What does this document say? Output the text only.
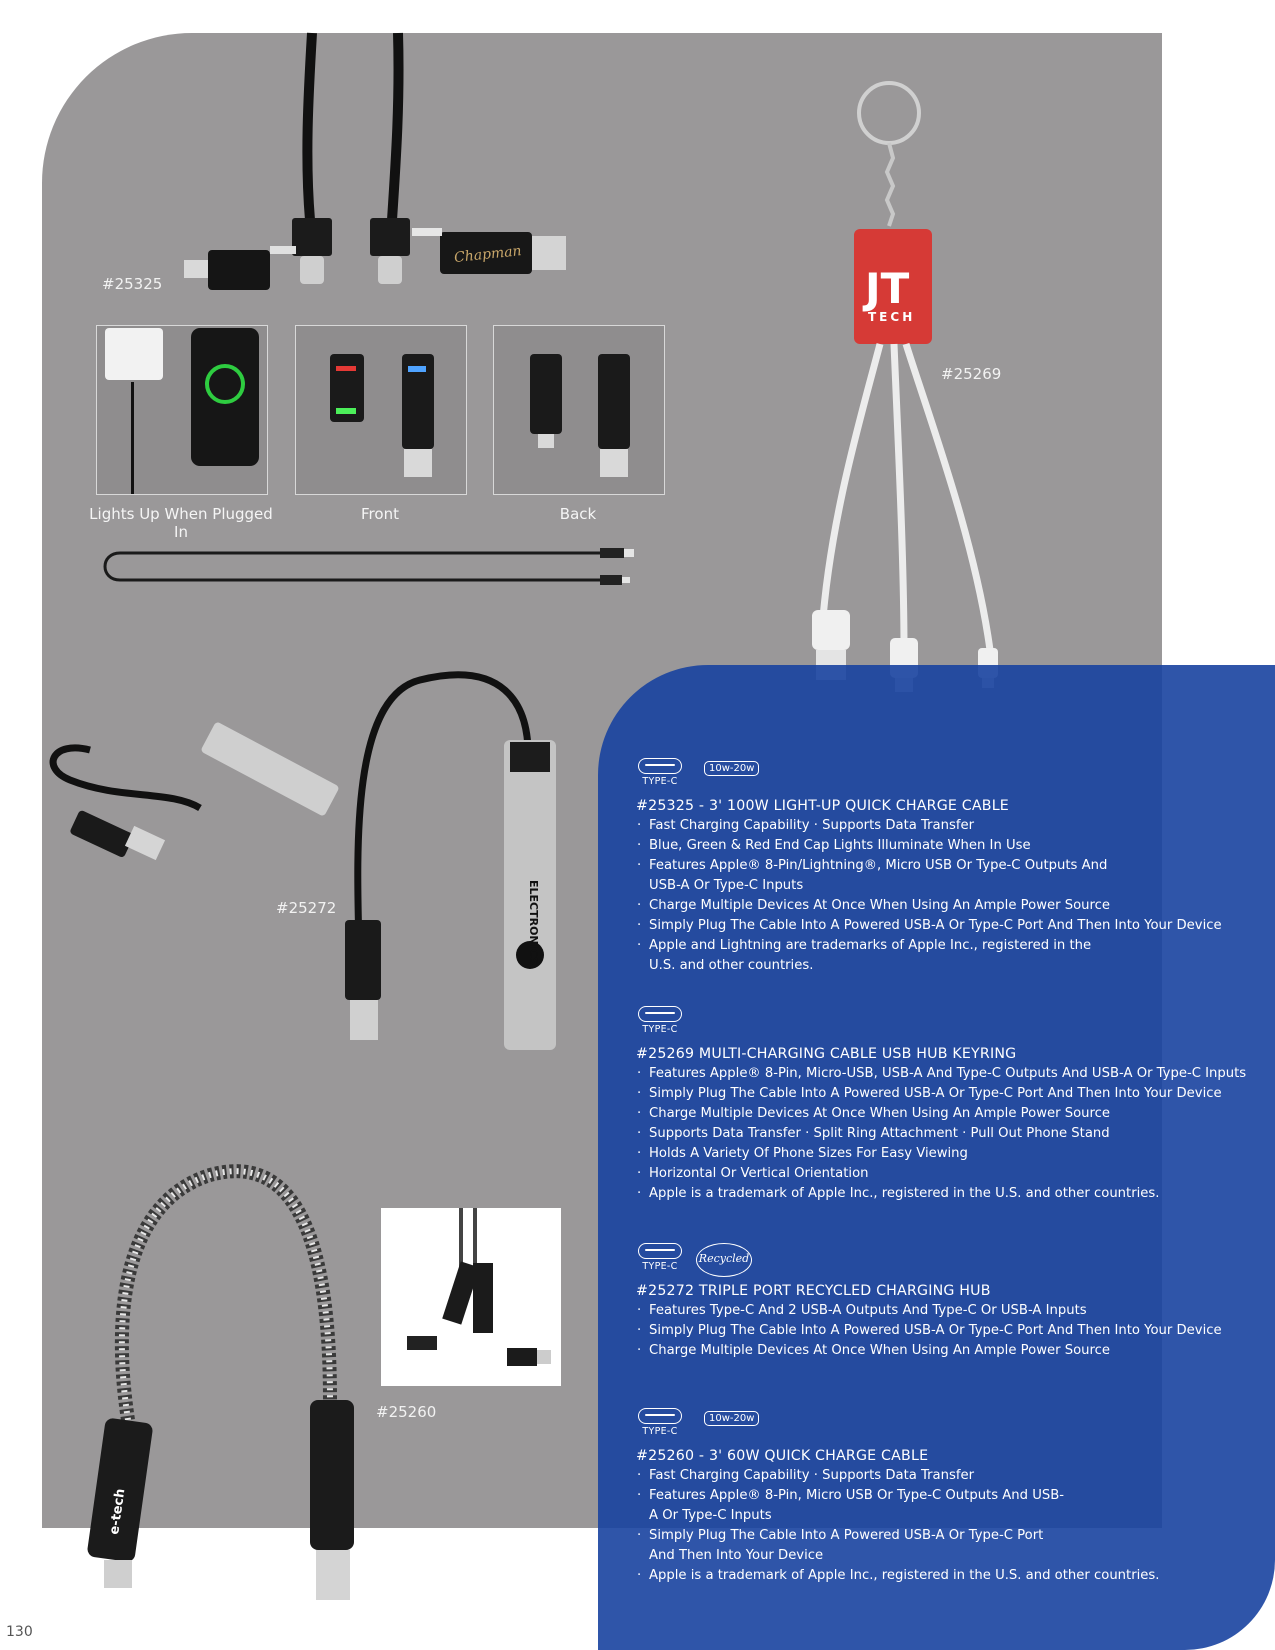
Chapman
JT
TECH
ELECTRONICS
e-tech
#25325
#25269
#25272
#25260
Lights Up When Plugged In
Front	Back
TYPE-C
10w-20w
#25325 - 3' 100W LIGHT-UP QUICK CHARGE CABLE
· Fast Charging Capability · Supports Data Transfer
· Blue, Green & Red End Cap Lights Illuminate When In Use
· Features Apple® 8-Pin/Lightning®, Micro USB Or Type-C Outputs And USB-A Or Type-C Inputs
· Charge Multiple Devices At Once When Using An Ample Power Source
· Simply Plug The Cable Into A Powered USB-A Or Type-C Port And Then Into Your Device
· Apple and Lightning are trademarks of Apple Inc., registered in the U.S. and other countries.
TYPE-C
#25269 MULTI-CHARGING CABLE USB HUB KEYRING
· Features Apple® 8-Pin, Micro-USB, USB-A And Type-C Outputs And USB-A Or Type-C Inputs
· Simply Plug The Cable Into A Powered USB-A Or Type-C Port And Then Into Your Device
· Charge Multiple Devices At Once When Using An Ample Power Source
· Supports Data Transfer · Split Ring Attachment · Pull Out Phone Stand
· Holds A Variety Of Phone Sizes For Easy Viewing
· Horizontal Or Vertical Orientation
· Apple is a trademark of Apple Inc., registered in the U.S. and other countries.
TYPE-C
Recycled
#25272 TRIPLE PORT RECYCLED CHARGING HUB
· Features Type-C And 2 USB-A Outputs And Type-C Or USB-A Inputs
· Simply Plug The Cable Into A Powered USB-A Or Type-C Port And Then Into Your Device
· Charge Multiple Devices At Once When Using An Ample Power Source
TYPE-C
10w-20w
#25260 - 3' 60W QUICK CHARGE CABLE
· Fast Charging Capability · Supports Data Transfer
· Features Apple® 8-Pin, Micro USB Or Type-C Outputs And USB-A Or Type-C Inputs
· Simply Plug The Cable Into A Powered USB-A Or Type-C Port And Then Into Your Device
· Apple is a trademark of Apple Inc., registered in the U.S. and other countries.
130
